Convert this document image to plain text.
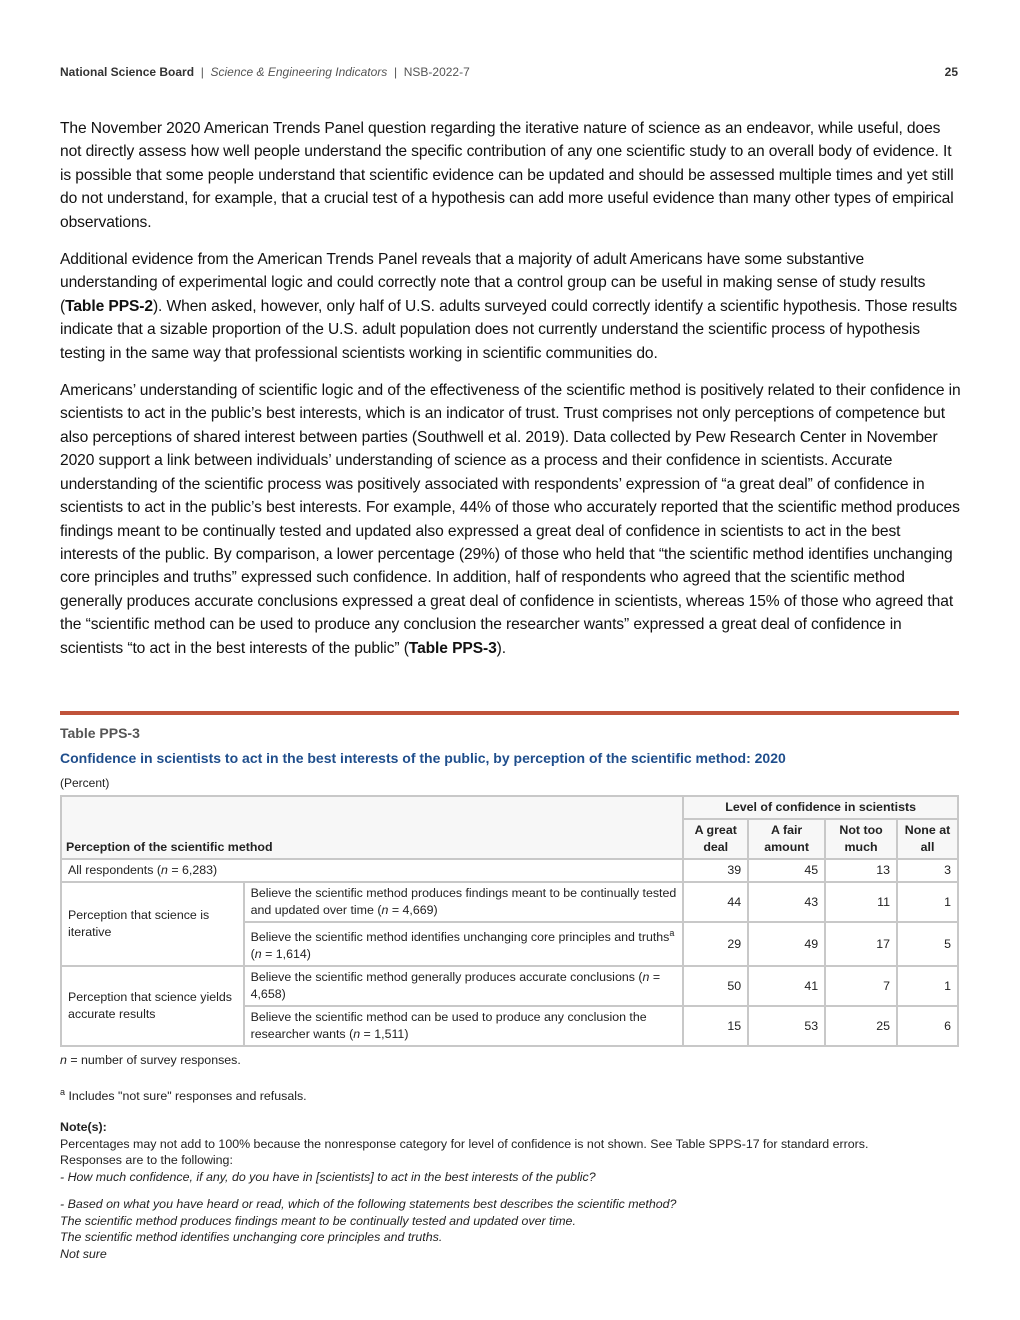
National Science Board  |  Science & Engineering Indicators  |  NSB-2022-7	25

The November 2020 American Trends Panel question regarding the iterative nature of science as an endeavor, while useful, does not directly assess how well people understand the specific contribution of any one scientific study to an overall body of evidence. It is possible that some people understand that scientific evidence can be updated and should be assessed multiple times and yet still do not understand, for example, that a crucial test of a hypothesis can add more useful evidence than many other types of empirical observations.

Additional evidence from the American Trends Panel reveals that a majority of adult Americans have some substantive understanding of experimental logic and could correctly note that a control group can be useful in making sense of study results (Table PPS-2). When asked, however, only half of U.S. adults surveyed could correctly identify a scientific hypothesis. Those results indicate that a sizable proportion of the U.S. adult population does not currently understand the scientific process of hypothesis testing in the same way that professional scientists working in scientific communities do.

Americans’ understanding of scientific logic and of the effectiveness of the scientific method is positively related to their confidence in scientists to act in the public’s best interests, which is an indicator of trust. Trust comprises not only perceptions of competence but also perceptions of shared interest between parties (Southwell et al. 2019). Data collected by Pew Research Center in November 2020 support a link between individuals’ understanding of science as a process and their confidence in scientists. Accurate understanding of the scientific process was positively associated with respondents’ expression of “a great deal” of confidence in scientists to act in the public’s best interests. For example, 44% of those who accurately reported that the scientific method produces findings meant to be continually tested and updated also expressed a great deal of confidence in scientists to act in the best interests of the public. By comparison, a lower percentage (29%) of those who held that “the scientific method identifies unchanging core principles and truths” expressed such confidence. In addition, half of respondents who agreed that the scientific method generally produces accurate conclusions expressed a great deal of confidence in scientists, whereas 15% of those who agreed that the “scientific method can be used to produce any conclusion the researcher wants” expressed a great deal of confidence in scientists “to act in the best interests of the public” (Table PPS-3).

Table PPS-3
Confidence in scientists to act in the best interests of the public, by perception of the scientific method: 2020
(Percent)
Perception of the scientific method		Level of confidence in scientists			
		A great deal	A fair amount	Not too much	None at all
All respondents (n = 6,283)		39	45	13	3
Perception that science is iterative	Believe the scientific method produces findings meant to be continually tested and updated over time (n = 4,669)	44	43	11	1
	Believe the scientific method identifies unchanging core principles and truths$^a$ (n = 1,614)	29	49	17	5
Perception that science yields accurate results	Believe the scientific method generally produces accurate conclusions (n = 4,658)	50	41	7	1
	Believe the scientific method can be used to produce any conclusion the researcher wants (n = 1,511)	15	53	25	6

n = number of survey responses.

$^a$ Includes "not sure" responses and refusals.

Note(s):

Percentages may not add to 100% because the nonresponse category for level of confidence is not shown. See Table SPPS-17 for standard errors.

Responses are to the following:

- How much confidence, if any, do you have in [scientists] to act in the best interests of the public?

- Based on what you have heard or read, which of the following statements best describes the scientific method?

The scientific method produces findings meant to be continually tested and updated over time.

The scientific method identifies unchanging core principles and truths.

Not sure
